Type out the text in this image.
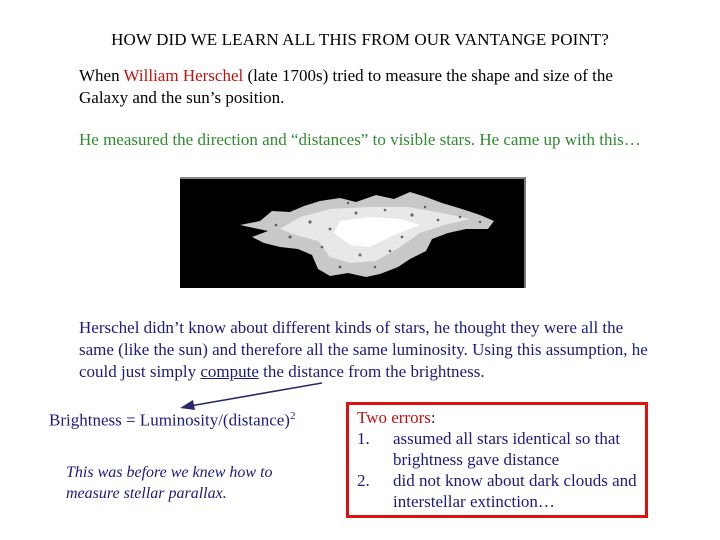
HOW DID WE LEARN ALL THIS FROM OUR VANTANGE POINT?
When William Herschel (late 1700s) tried to measure the shape and size of the Galaxy and the sun’s position.
He measured the direction and “distances” to visible stars. He came up with this…
Herschel didn’t know about different kinds of stars, he thought they were all the same (like the sun) and therefore all the same luminosity. Using this assumption, he could just simply compute the distance from the brightness.
Brightness = Luminosity/(distance)$^2$
This was before we knew how to measure stellar parallax.
Two errors:
1.	assumed all stars identical so that brightness gave distance
2.	did not know about dark clouds and interstellar extinction…
